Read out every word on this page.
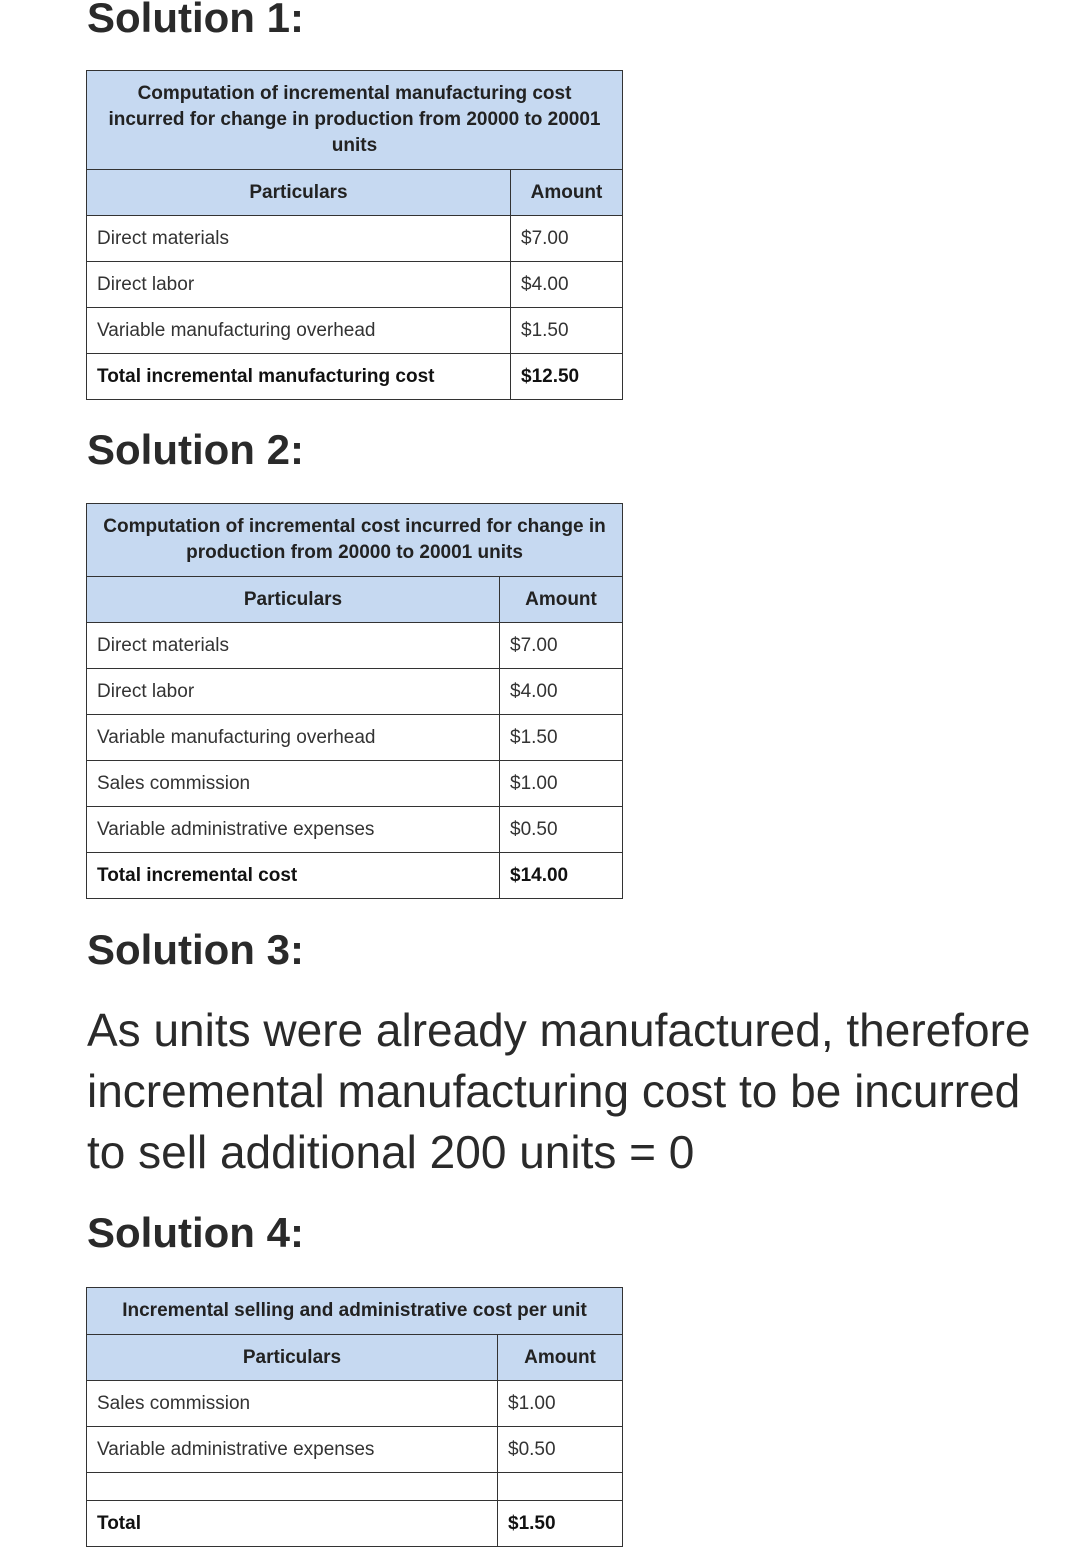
Solution 1:
Computation of incremental manufacturing cost incurred for change in production from 20000 to 20001 units	
Particulars	Amount
Direct materials	$7.00
Direct labor	$4.00
Variable manufacturing overhead	$1.50
Total incremental manufacturing cost	$12.50
Solution 2:
Computation of incremental cost incurred for change in production from 20000 to 20001 units	
Particulars	Amount
Direct materials	$7.00
Direct labor	$4.00
Variable manufacturing overhead	$1.50
Sales commission	$1.00
Variable administrative expenses	$0.50
Total incremental cost	$14.00
Solution 3:

As units were already manufactured, therefore incremental manufacturing cost to be incurred to sell additional 200 units = 0

Solution 4:
Incremental selling and administrative cost per unit	
Particulars	Amount
Sales commission	$1.00
Variable administrative expenses	$0.50

Total	$1.50
